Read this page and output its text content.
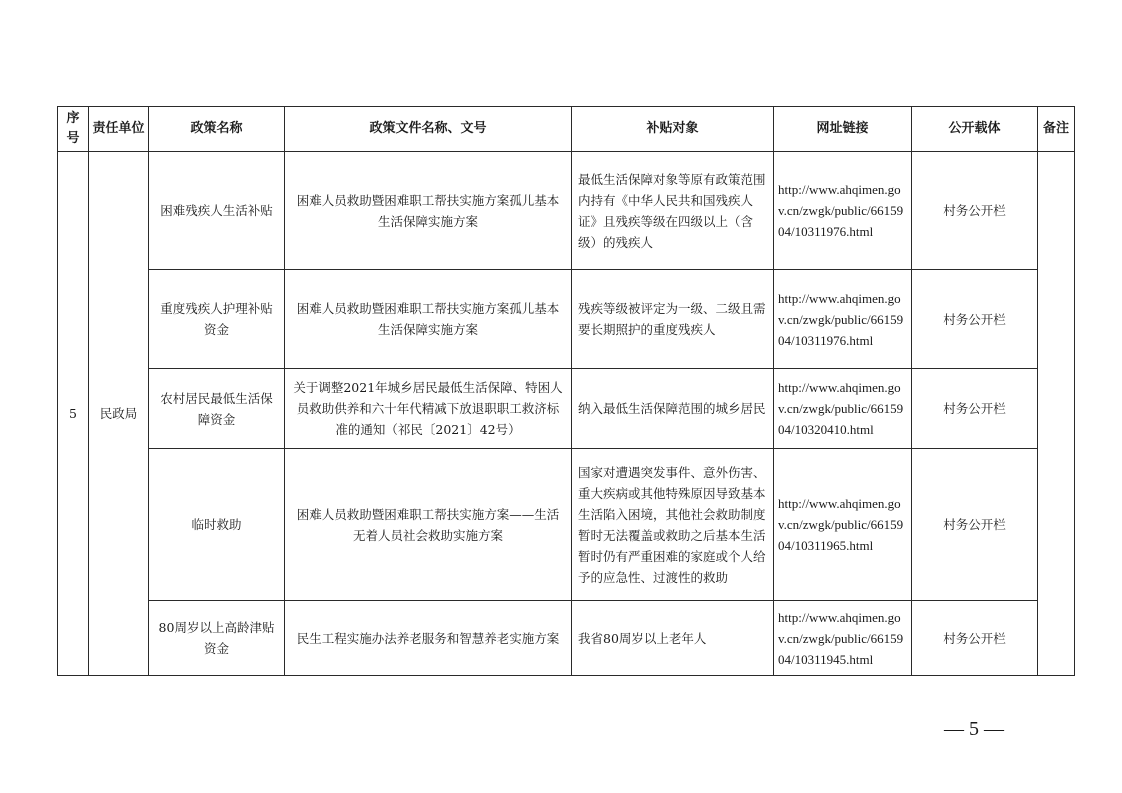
序号	责任单位	政策名称	政策文件名称、文号	补贴对象	网址链接	公开载体	备注
5	民政局	困难残疾人生活补贴	困难人员救助暨困难职工帮扶实施方案孤儿基本生活保障实施方案	最低生活保障对象等原有政策范围内持有《中华人民共和国残疾人证》且残疾等级在四级以上（含级）的残疾人	http://www.ahqimen.gov.cn/zwgk/public/6615904/10311976.html	村务公开栏	
		重度残疾人护理补贴资金	困难人员救助暨困难职工帮扶实施方案孤儿基本生活保障实施方案	残疾等级被评定为一级、二级且需要长期照护的重度残疾人	http://www.ahqimen.gov.cn/zwgk/public/6615904/10311976.html	村务公开栏	
		农村居民最低生活保障资金	关于调整2021年城乡居民最低生活保障、特困人员救助供养和六十年代精减下放退职职工救济标准的通知（祁民〔2021〕42号）	纳入最低生活保障范围的城乡居民	http://www.ahqimen.gov.cn/zwgk/public/6615904/10320410.html	村务公开栏	
		临时救助	困难人员救助暨困难职工帮扶实施方案——生活无着人员社会救助实施方案	国家对遭遇突发事件、意外伤害、重大疾病或其他特殊原因导致基本生活陷入困境，其他社会救助制度暂时无法覆盖或救助之后基本生活暂时仍有严重困难的家庭或个人给予的应急性、过渡性的救助	http://www.ahqimen.gov.cn/zwgk/public/6615904/10311965.html	村务公开栏	
		80周岁以上高龄津贴资金	民生工程实施办法养老服务和智慧养老实施方案	我省80周岁以上老年人	http://www.ahqimen.gov.cn/zwgk/public/6615904/10311945.html	村务公开栏	
— 5 —
